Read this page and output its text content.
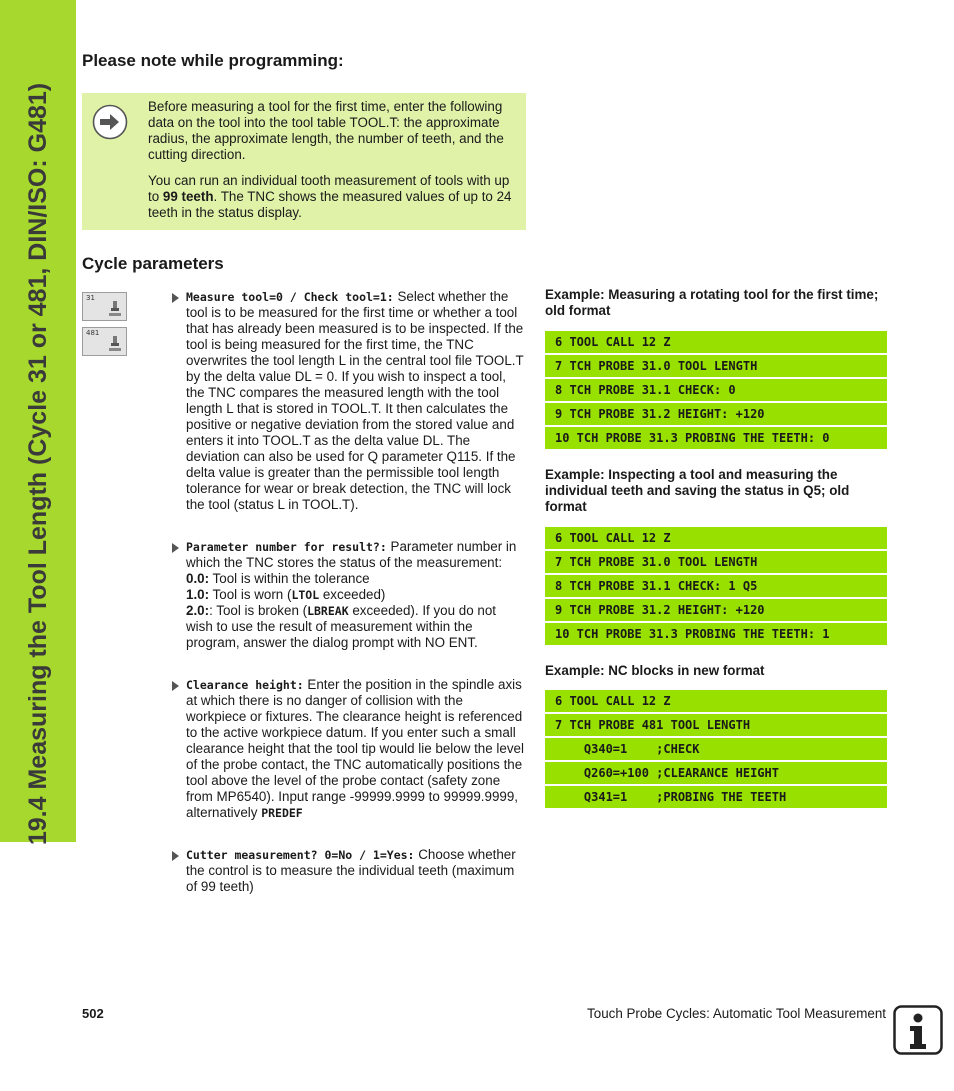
19.4 Measuring the Tool Length (Cycle 31 or 481, DIN/ISO: G481)
Please note while programming:

Before measuring a tool for the first time, enter the following data on the tool into the tool table TOOL.T: the approximate radius, the approximate length, the number of teeth, and the cutting direction.

You can run an individual tooth measurement of tools with up to 99 teeth. The TNC shows the measured values of up to 24 teeth in the status display.

Cycle parameters
31
481
Measure tool=0 / Check tool=1: Select whether the tool is to be measured for the first time or whether a tool that has already been measured is to be inspected. If the tool is being measured for the first time, the TNC overwrites the tool length L in the central tool file TOOL.T by the delta value DL = 0. If you wish to inspect a tool, the TNC compares the measured length with the tool length L that is stored in TOOL.T. It then calculates the positive or negative deviation from the stored value and enters it into TOOL.T as the delta value DL. The deviation can also be used for Q parameter Q115. If the delta value is greater than the permissible tool length tolerance for wear or break detection, the TNC will lock the tool (status L in TOOL.T).
Parameter number for result?: Parameter number in which the TNC stores the status of the measurement:
0.0: Tool is within the tolerance
1.0: Tool is worn (LTOL exceeded)
2.0:: Tool is broken (LBREAK exceeded). If you do not wish to use the result of measurement within the program, answer the dialog prompt with NO ENT.
Clearance height: Enter the position in the spindle axis at which there is no danger of collision with the workpiece or fixtures. The clearance height is referenced to the active workpiece datum. If you enter such a small clearance height that the tool tip would lie below the level of the probe contact, the TNC automatically positions the tool above the level of the probe contact (safety zone from MP6540). Input range -99999.9999 to 99999.9999, alternatively PREDEF
Cutter measurement? 0=No / 1=Yes: Choose whether the control is to measure the individual teeth (maximum of 99 teeth)
Example: Measuring a rotating tool for the first time; old format
6 TOOL CALL 12 Z
7 TCH PROBE 31.0 TOOL LENGTH
8 TCH PROBE 31.1 CHECK: 0
9 TCH PROBE 31.2 HEIGHT: +120
10 TCH PROBE 31.3 PROBING THE TEETH: 0
Example: Inspecting a tool and measuring the individual teeth and saving the status in Q5; old format
6 TOOL CALL 12 Z
7 TCH PROBE 31.0 TOOL LENGTH
8 TCH PROBE 31.1 CHECK: 1 Q5
9 TCH PROBE 31.2 HEIGHT: +120
10 TCH PROBE 31.3 PROBING THE TEETH: 1
Example: NC blocks in new format
6 TOOL CALL 12 Z
7 TCH PROBE 481 TOOL LENGTH
Q340=1    ;CHECK
Q260=+100 ;CLEARANCE HEIGHT
Q341=1    ;PROBING THE TEETH
502	Touch Probe Cycles: Automatic Tool Measurement
